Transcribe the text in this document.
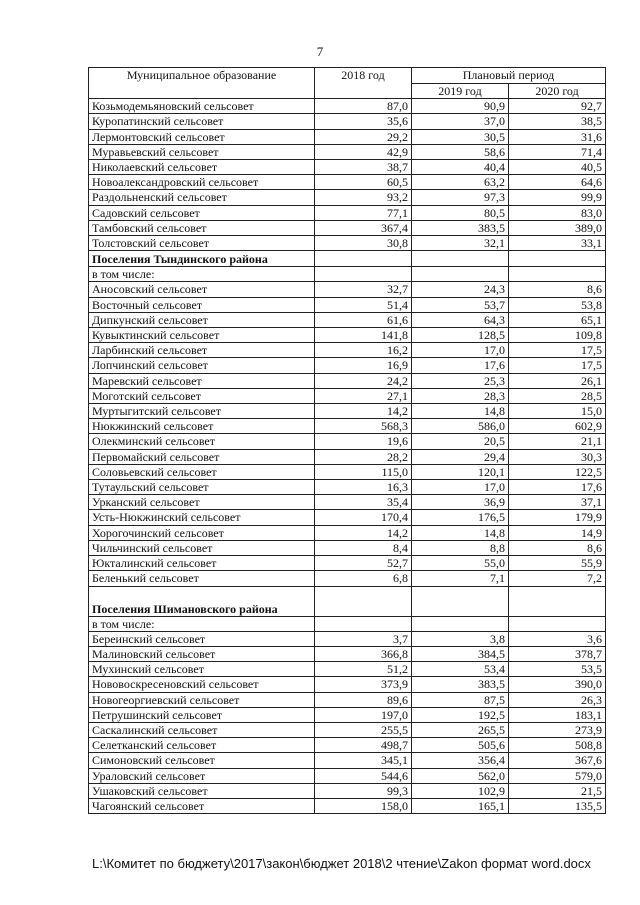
7
Муниципальное образование	2018 год	Плановый период	
		2019 год	2020 год
Козьмодемьяновский сельсовет	87,0	90,9	92,7
Куропатинский сельсовет	35,6	37,0	38,5
Лермонтовский сельсовет	29,2	30,5	31,6
Муравьевский сельсовет	42,9	58,6	71,4
Николаевский сельсовет	38,7	40,4	40,5
Новоалександровский сельсовет	60,5	63,2	64,6
Раздольненский сельсовет	93,2	97,3	99,9
Садовский сельсовет	77,1	80,5	83,0
Тамбовский сельсовет	367,4	383,5	389,0
Толстовский сельсовет	30,8	32,1	33,1
Поселения Тындинского района			
в том числе:			
Аносовский сельсовет	32,7	24,3	8,6
Восточный сельсовет	51,4	53,7	53,8
Дипкунский сельсовет	61,6	64,3	65,1
Кувыктинский сельсовет	141,8	128,5	109,8
Ларбинский сельсовет	16,2	17,0	17,5
Лопчинский сельсовет	16,9	17,6	17,5
Маревский сельсовет	24,2	25,3	26,1
Моготский сельсовет	27,1	28,3	28,5
Муртыгитский сельсовет	14,2	14,8	15,0
Нюкжинский сельсовет	568,3	586,0	602,9
Олекминский сельсовет	19,6	20,5	21,1
Первомайский сельсовет	28,2	29,4	30,3
Соловьевский сельсовет	115,0	120,1	122,5
Тутаульский сельсовет	16,3	17,0	17,6
Урканский сельсовет	35,4	36,9	37,1
Усть-Нюкжинский сельсовет	170,4	176,5	179,9
Хорогочинский сельсовет	14,2	14,8	14,9
Чильчинский сельсовет	8,4	8,8	8,6
Юкталинский сельсовет	52,7	55,0	55,9
Беленький сельсовет	6,8	7,1	7,2
Поселения Шимановского района			
в том числе:			
Береинский сельсовет	3,7	3,8	3,6
Малиновский сельсовет	366,8	384,5	378,7
Мухинский сельсовет	51,2	53,4	53,5
Нововоскресеновский сельсовет	373,9	383,5	390,0
Новогеоргиевский сельсовет	89,6	87,5	26,3
Петрушинский сельсовет	197,0	192,5	183,1
Саскалинский сельсовет	255,5	265,5	273,9
Селетканский сельсовет	498,7	505,6	508,8
Симоновский сельсовет	345,1	356,4	367,6
Ураловский сельсовет	544,6	562,0	579,0
Ушаковский сельсовет	99,3	102,9	21,5
Чагоянский сельсовет	158,0	165,1	135,5
L:\Комитет по бюджету\2017\закон\бюджет 2018\2 чтение\Zakon формат word.docx
